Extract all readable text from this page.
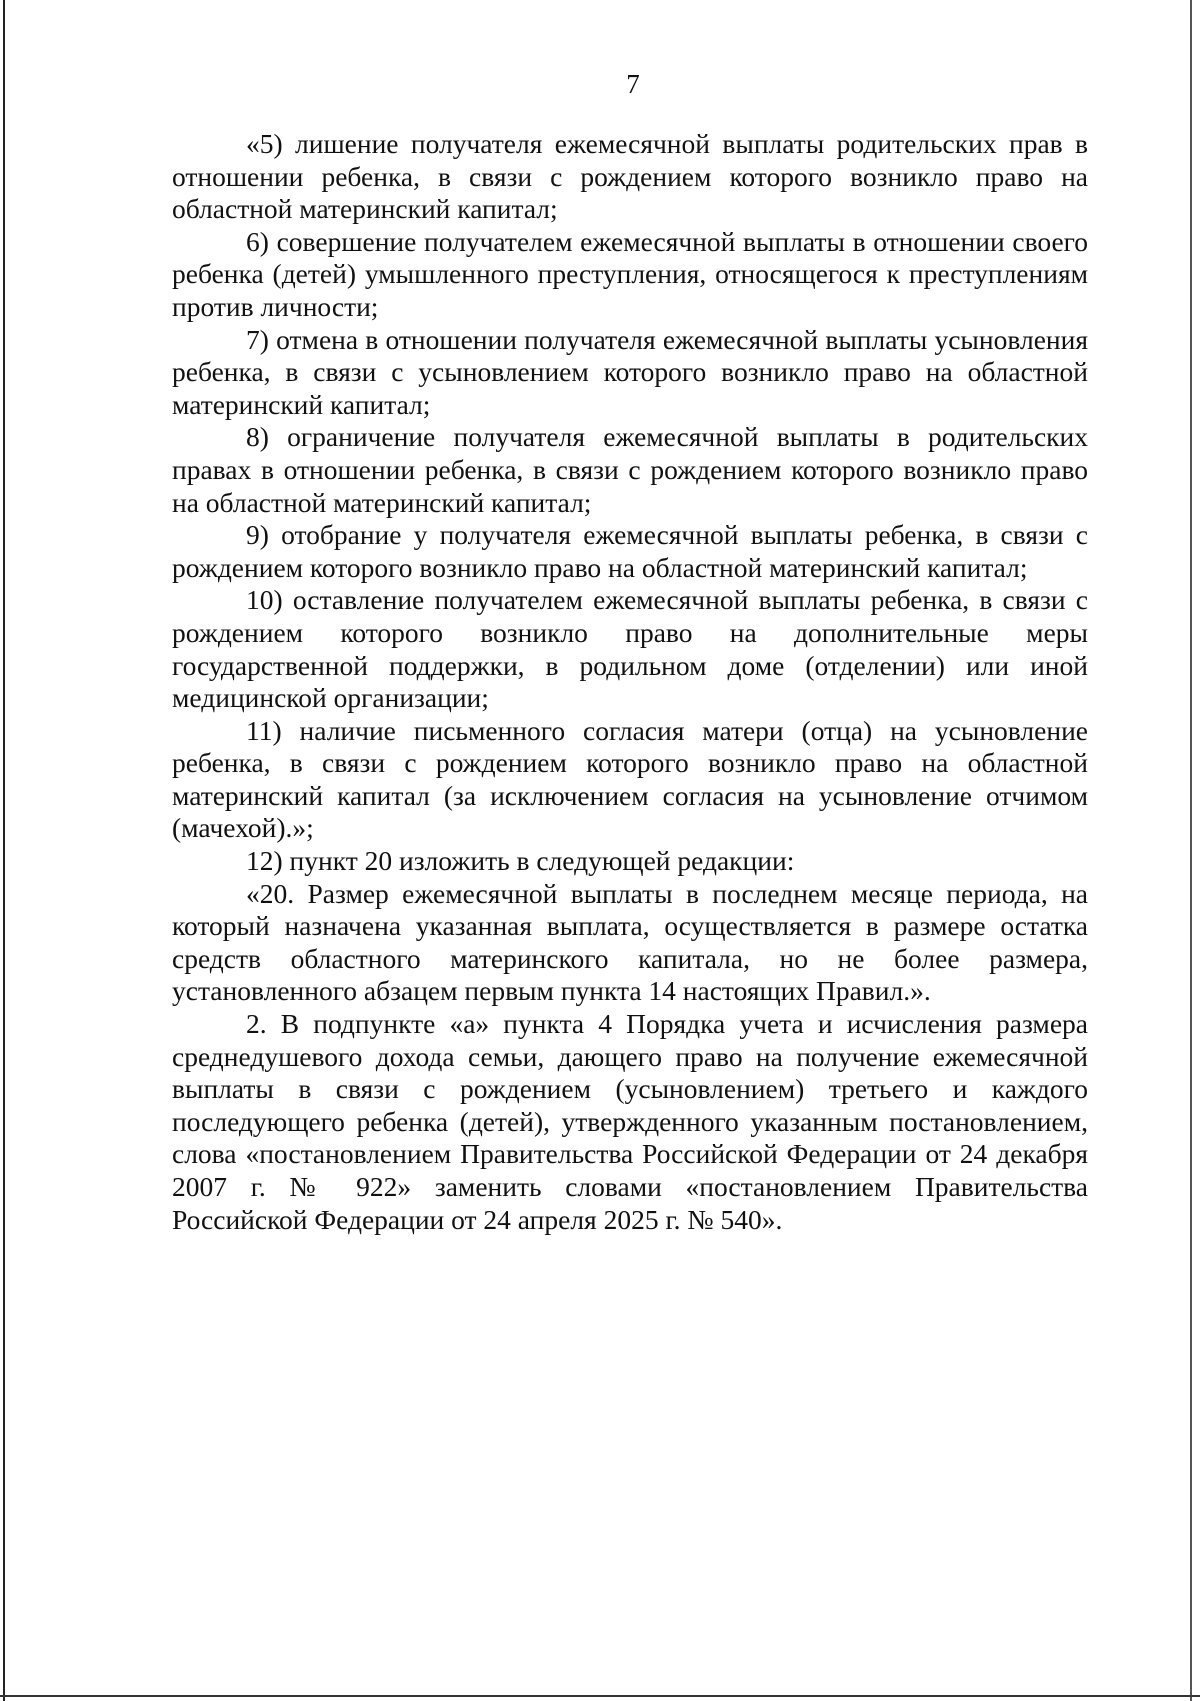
7

«5) лишение получателя ежемесячной выплаты родительских прав в отношении ребенка, в связи с рождением которого возникло право на областной материнский капитал;

6) совершение получателем ежемесячной выплаты в отношении своего ребенка (детей) умышленного преступления, относящегося к преступлениям против личности;

7) отмена в отношении получателя ежемесячной выплаты усыновления ребенка, в связи с усыновлением которого возникло право на областной материнский капитал;

8) ограничение получателя ежемесячной выплаты в родительских правах в отношении ребенка, в связи с рождением которого возникло право на областной материнский капитал;

9) отобрание у получателя ежемесячной выплаты ребенка, в связи с рождением которого возникло право на областной материнский капитал;

10) оставление получателем ежемесячной выплаты ребенка, в связи с рождением которого возникло право на дополнительные меры государственной поддержки, в родильном доме (отделении) или иной медицинской организации;

11) наличие письменного согласия матери (отца) на усыновление ребенка, в связи с рождением которого возникло право на областной материнский капитал (за исключением согласия на усыновление отчимом (мачехой).»;

12) пункт 20 изложить в следующей редакции:

«20. Размер ежемесячной выплаты в последнем месяце периода, на который назначена указанная выплата, осуществляется в размере остатка средств областного материнского капитала, но не более размера, установленного абзацем первым пункта 14 настоящих Правил.».

2. В подпункте «а» пункта 4 Порядка учета и исчисления размера среднедушевого дохода семьи, дающего право на получение ежемесячной выплаты в связи с рождением (усыновлением) третьего и каждого последующего ребенка (детей), утвержденного указанным постановлением, слова «постановлением Правительства Российской Федерации от 24 декабря 2007 г. № 922» заменить словами «постановлением Правительства Российской Федерации от 24 апреля 2025 г. № 540».
